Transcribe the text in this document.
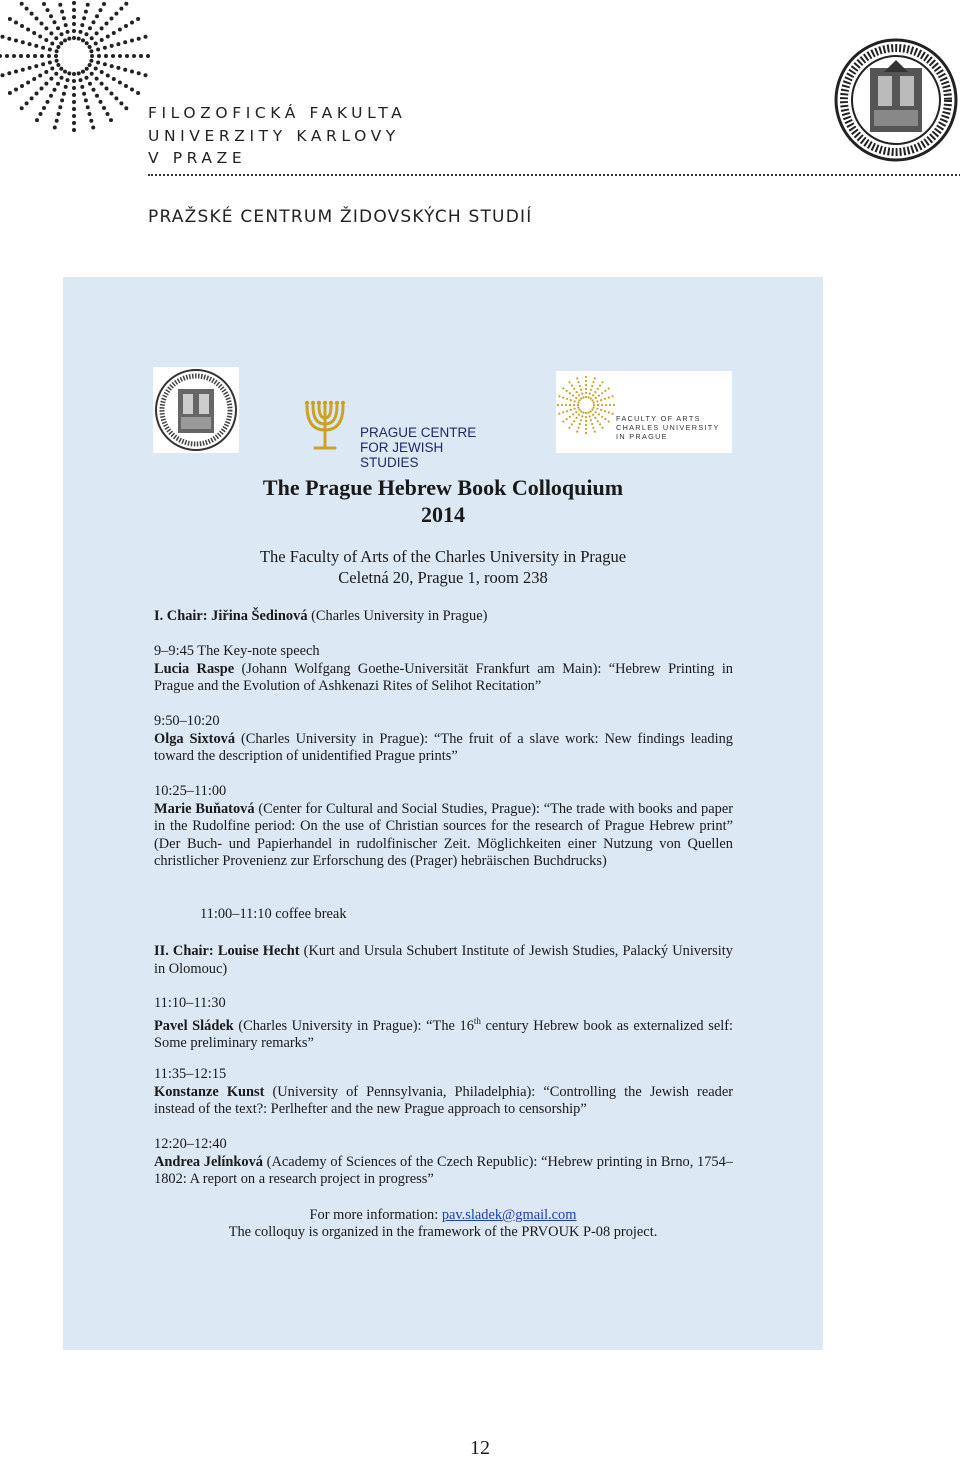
FILOZOFICKÁ FAKULTA
UNIVERZITY KARLOVY
V PRAZE
PRAŽSKÉ CENTRUM ŽIDOVSKÝCH STUDIÍ
PRAGUE CENTRE
FOR JEWISH STUDIES
FACULTY OF ARTS
CHARLES UNIVERSITY
IN PRAGUE
The Prague Hebrew Book Colloquium
2014
The Faculty of Arts of the Charles University in Prague
Celetná 20, Prague 1, room 238
I. Chair: Jiřina Šedinová (Charles University in Prague)
9–9:45 The Key-note speech
Lucia Raspe (Johann Wolfgang Goethe-Universität Frankfurt am Main): “Hebrew Printing in Prague and the Evolution of Ashkenazi Rites of Selihot Recitation”
9:50–10:20
Olga Sixtová (Charles University in Prague): “The fruit of a slave work: New findings leading toward the description of unidentified Prague prints”
10:25–11:00
Marie Buňatová (Center for Cultural and Social Studies, Prague): “The trade with books and paper in the Rudolfine period: On the use of Christian sources for the research of Prague Hebrew print” (Der Buch- und Papierhandel in rudolfinischer Zeit. Möglichkeiten einer Nutzung von Quellen christlicher Provenienz zur Erforschung des (Prager) hebräischen Buchdrucks)
11:00–11:10 coffee break
II. Chair: Louise Hecht (Kurt and Ursula Schubert Institute of Jewish Studies, Palacký University in Olomouc)
11:10–11:30
Pavel Sládek (Charles University in Prague): “The 16th century Hebrew book as externalized self: Some preliminary remarks”
11:35–12:15
Konstanze Kunst (University of Pennsylvania, Philadelphia): “Controlling the Jewish reader instead of the text?: Perlhefter and the new Prague approach to censorship”
12:20–12:40
Andrea Jelínková (Academy of Sciences of the Czech Republic): “Hebrew printing in Brno, 1754–1802: A report on a research project in progress”
For more information: pav.sladek@gmail.com
The colloquy is organized in the framework of the PRVOUK P-08 project.
12
